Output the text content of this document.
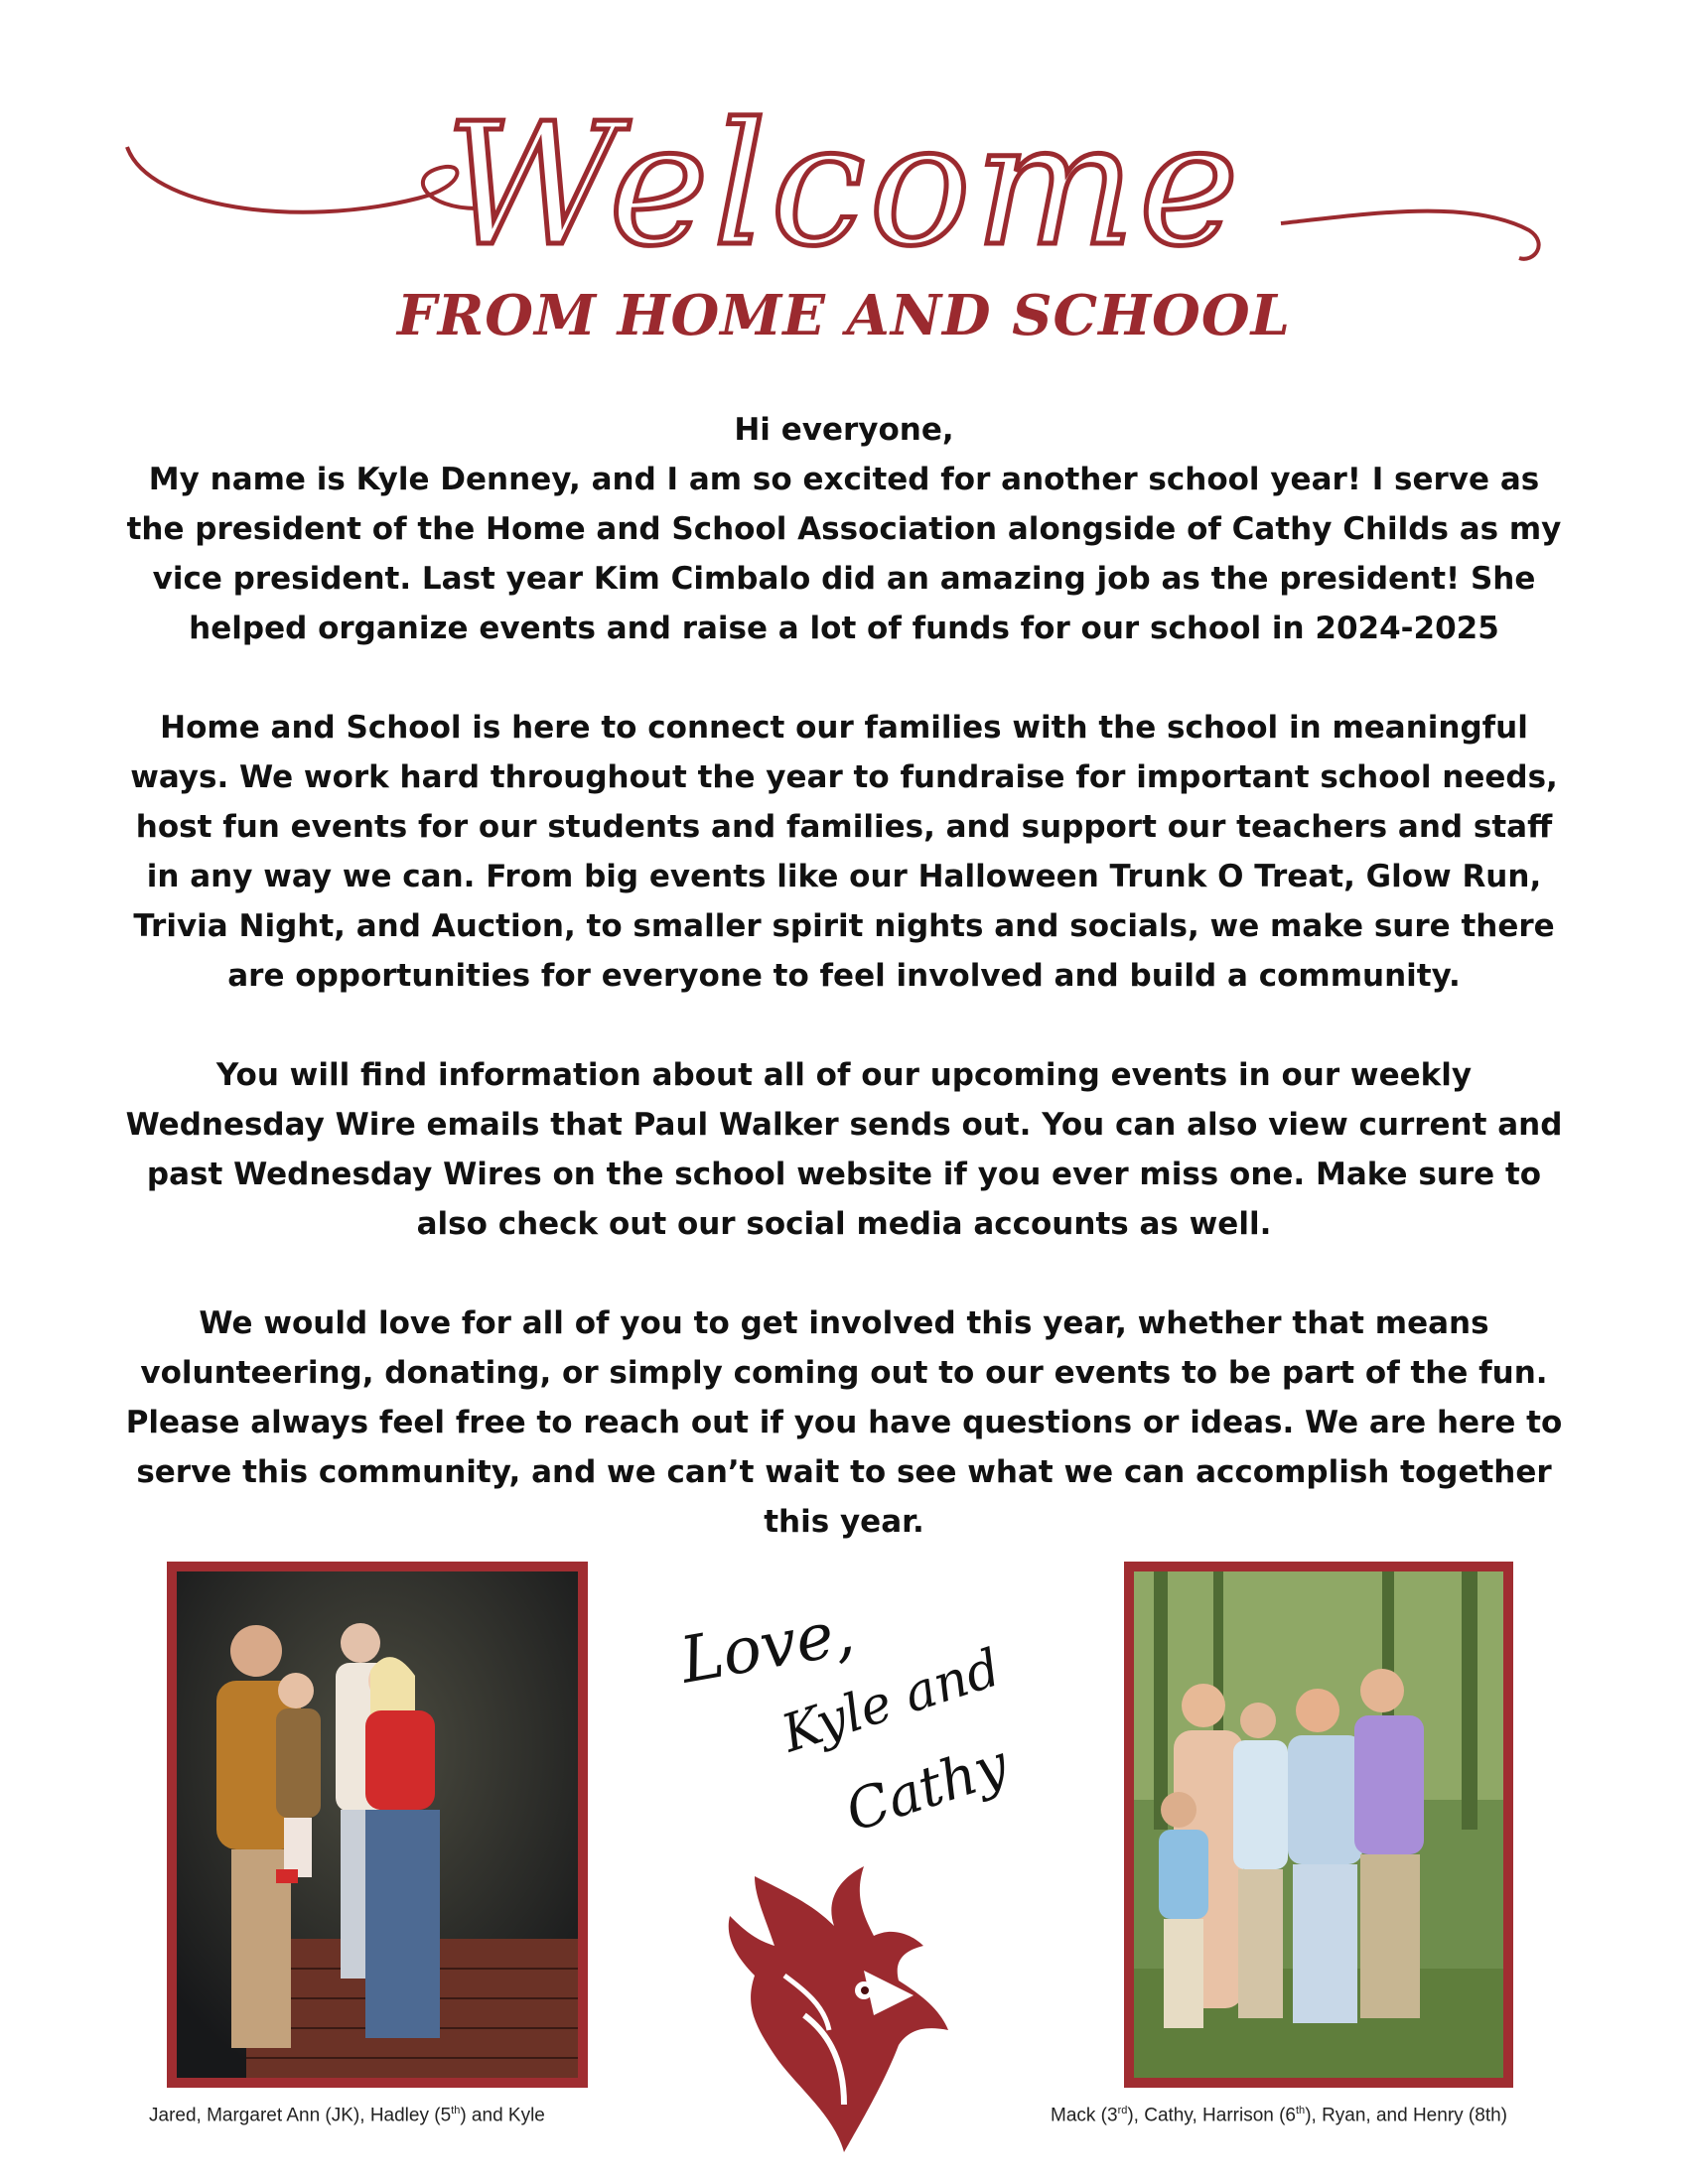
Welcome
FROM HOME AND SCHOOL

Hi everyone,

My name is Kyle Denney, and I am so excited for another school year! I serve as
the president of the Home and School Association alongside of Cathy Childs as my
vice president. Last year Kim Cimbalo did an amazing job as the president! She
helped organize events and raise a lot of funds for our school in 2024-2025

Home and School is here to connect our families with the school in meaningful
ways. We work hard throughout the year to fundraise for important school needs,
host fun events for our students and families, and support our teachers and staff
in any way we can. From big events like our Halloween Trunk O Treat, Glow Run,
Trivia Night, and Auction, to smaller spirit nights and socials, we make sure there
are opportunities for everyone to feel involved and build a community.

You will find information about all of our upcoming events in our weekly
Wednesday Wire emails that Paul Walker sends out. You can also view current and
past Wednesday Wires on the school website if you ever miss one. Make sure to
also check out our social media accounts as well.

We would love for all of you to get involved this year, whether that means
volunteering, donating, or simply coming out to our events to be part of the fun.
Please always feel free to reach out if you have questions or ideas. We are here to
serve this community, and we can’t wait to see what we can accomplish together
this year.

Jared, Margaret Ann (JK), Hadley (5th) and Kyle
Love,
Kyle and
Cathy
Mack (3rd), Cathy, Harrison (6th), Ryan, and Henry (8th)
